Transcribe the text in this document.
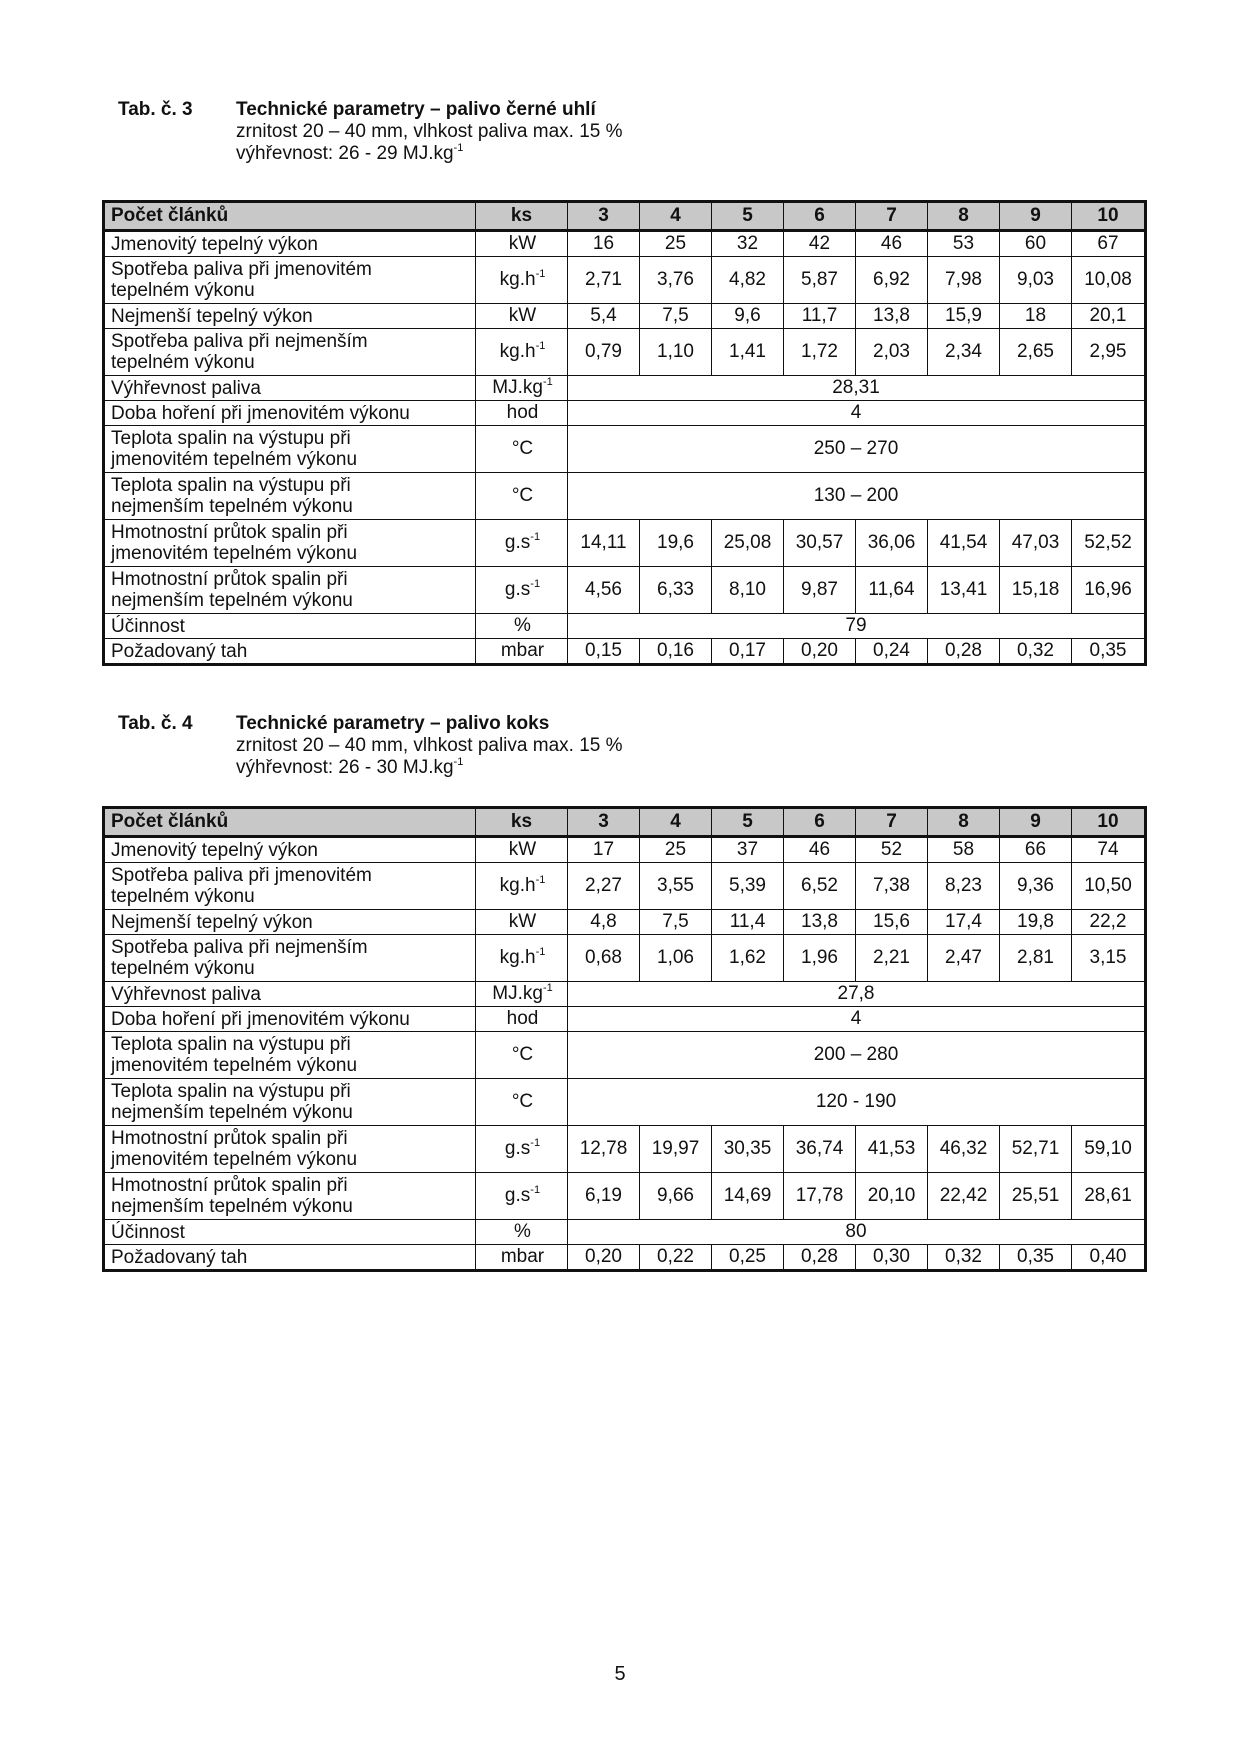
Tab. č. 3 Technické parametry – palivo černé uhlí
zrnitost 20 – 40 mm, vlhkost paliva max. 15 %
výhřevnost: 26 - 29 $MJ.kg^{-1}$
Počet článků	ks	3	4	5	6	7	8	9	10

Jmenovitý tepelný výkon	kW	16	25	32	42	46	53	60	67

Spotřeba paliva při jmenovitém
tepelném výkonu	$kg.h^{-1}$	2,71	3,76	4,82	5,87	6,92	7,98	9,03	10,08

Nejmenší tepelný výkon	kW	5,4	7,5	9,6	11,7	13,8	15,9	18	20,1

Spotřeba paliva při nejmenším
tepelném výkonu	$kg.h^{-1}$	0,79	1,10	1,41	1,72	2,03	2,34	2,65	2,95

Výhřevnost paliva	$MJ.kg^{-1}$	28,31							

Doba hoření při jmenovitém výkonu	hod	4							

Teplota spalin na výstupu při
jmenovitém tepelném výkonu	°C	250 – 270							

Teplota spalin na výstupu při
nejmenším tepelném výkonu	°C	130 – 200							

Hmotnostní průtok spalin při
jmenovitém tepelném výkonu	$g.s^{-1}$	14,11	19,6	25,08	30,57	36,06	41,54	47,03	52,52

Hmotnostní průtok spalin při
nejmenším tepelném výkonu	$g.s^{-1}$	4,56	6,33	8,10	9,87	11,64	13,41	15,18	16,96

Účinnost	%	79							

Požadovaný tah	mbar	0,15	0,16	0,17	0,20	0,24	0,28	0,32	0,35
Tab. č. 4 Technické parametry – palivo koks
zrnitost 20 – 40 mm, vlhkost paliva max. 15 %
výhřevnost: 26 - 30 $MJ.kg^{-1}$
Počet článků	ks	3	4	5	6	7	8	9	10

Jmenovitý tepelný výkon	kW	17	25	37	46	52	58	66	74

Spotřeba paliva při jmenovitém
tepelném výkonu	$kg.h^{-1}$	2,27	3,55	5,39	6,52	7,38	8,23	9,36	10,50

Nejmenší tepelný výkon	kW	4,8	7,5	11,4	13,8	15,6	17,4	19,8	22,2

Spotřeba paliva při nejmenším
tepelném výkonu	$kg.h^{-1}$	0,68	1,06	1,62	1,96	2,21	2,47	2,81	3,15

Výhřevnost paliva	$MJ.kg^{-1}$	27,8							

Doba hoření při jmenovitém výkonu	hod	4							

Teplota spalin na výstupu při
jmenovitém tepelném výkonu	°C	200 – 280							

Teplota spalin na výstupu při
nejmenším tepelném výkonu	°C	120 - 190							

Hmotnostní průtok spalin při
jmenovitém tepelném výkonu	$g.s^{-1}$	12,78	19,97	30,35	36,74	41,53	46,32	52,71	59,10

Hmotnostní průtok spalin při
nejmenším tepelném výkonu	$g.s^{-1}$	6,19	9,66	14,69	17,78	20,10	22,42	25,51	28,61

Účinnost	%	80							

Požadovaný tah	mbar	0,20	0,22	0,25	0,28	0,30	0,32	0,35	0,40
5
